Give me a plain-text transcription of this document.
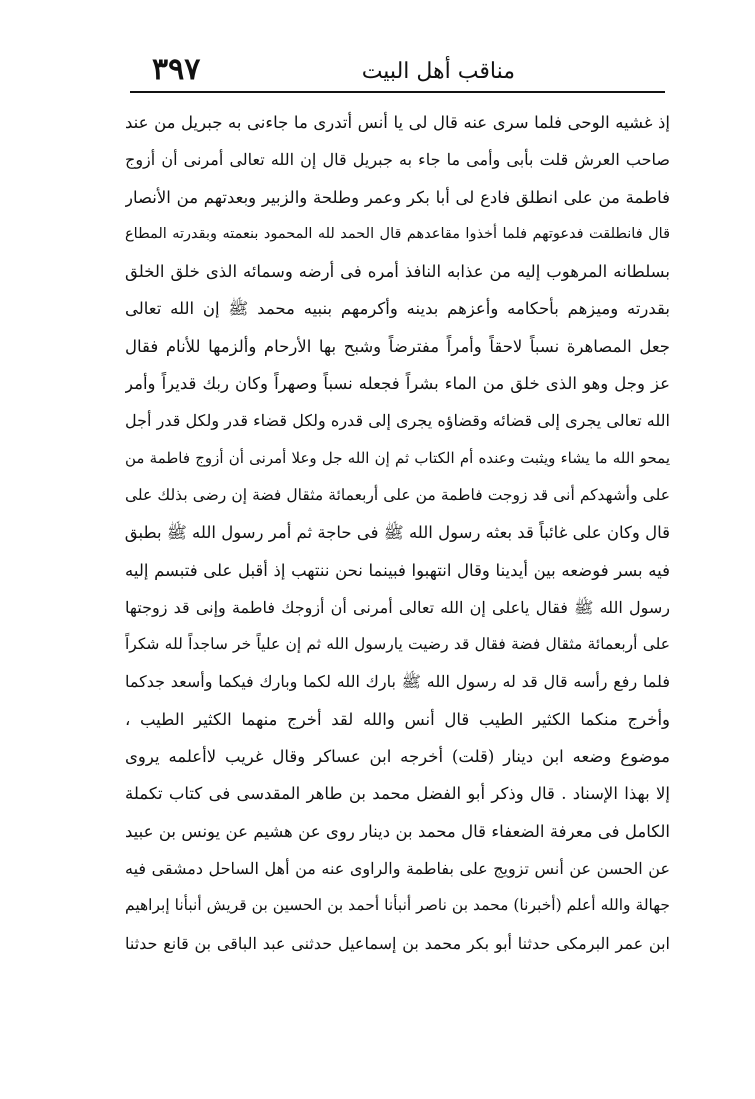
مناقب أهل البيت
٣٩٧
إذ غشيه الوحى فلما سرى عنه قال لى يا أنس أتدرى ما جاءنى به جبريل من عند
صاحب العرش قلت بأبى وأمى ما جاء به جبريل قال إن الله تعالى أمرنى أن أزوج
فاطمة من على انطلق فادع لى أبا بكر وعمر وطلحة والزبير وبعدتهم من الأنصار
قال فانطلقت فدعوتهم فلما أخذوا مقاعدهم قال الحمد لله المحمود بنعمته وبقدرته المطاع
بسلطانه المرهوب إليه من عذابه النافذ أمره فى أرضه وسمائه الذى خلق الخلق
بقدرته وميزهم بأحكامه وأعزهم بدينه وأكرمهم بنبيه محمد ﷺ إن الله تعالى
جعل المصاهرة نسباً لاحقاً وأمراً مفترضاً وشبح بها الأرحام وألزمها للأنام فقال
عز وجل وهو الذى خلق من الماء بشراً فجعله نسباً وصهراً وكان ربك قديراً وأمر
الله تعالى يجرى إلى قضائه وقضاؤه يجرى إلى قدره ولكل قضاء قدر ولكل قدر أجل
يمحو الله ما يشاء ويثبت وعنده أم الكتاب ثم إن الله جل وعلا أمرنى أن أزوج فاطمة من
على وأشهدكم أنى قد زوجت فاطمة من على أربعمائة مثقال فضة إن رضى بذلك على
قال وكان على غائباً قد بعثه رسول الله ﷺ فى حاجة ثم أمر رسول الله ﷺ بطبق
فيه بسر فوضعه بين أيدينا وقال انتهبوا فبينما نحن ننتهب إذ أقبل على فتبسم إليه
رسول الله ﷺ فقال ياعلى إن الله تعالى أمرنى أن أزوجك فاطمة وإنى قد زوجتها
على أربعمائة مثقال فضة فقال قد رضيت يارسول الله ثم إن علياً خر ساجداً لله شكراً
فلما رفع رأسه قال قد له رسول الله ﷺ بارك الله لكما وبارك فيكما وأسعد جدكما
وأخرج منكما الكثير الطيب قال أنس والله لقد أخرج منهما الكثير الطيب ،
موضوع وضعه ابن دينار (قلت) أخرجه ابن عساكر وقال غريب لاأعلمه يروى
إلا بهذا الإسناد . قال وذكر أبو الفضل محمد بن طاهر المقدسى فى كتاب تكملة
الكامل فى معرفة الضعفاء قال محمد بن دينار روى عن هشيم عن يونس بن عبيد
عن الحسن عن أنس تزويج على بفاطمة والراوى عنه من أهل الساحل دمشقى فيه
جهالة والله أعلم (أخبرنا) محمد بن ناصر أنبأنا أحمد بن الحسين بن قريش أنبأنا إبراهيم
ابن عمر البرمكى حدثنا أبو بكر محمد بن إسماعيل حدثنى عبد الباقى بن قانع حدثنا
